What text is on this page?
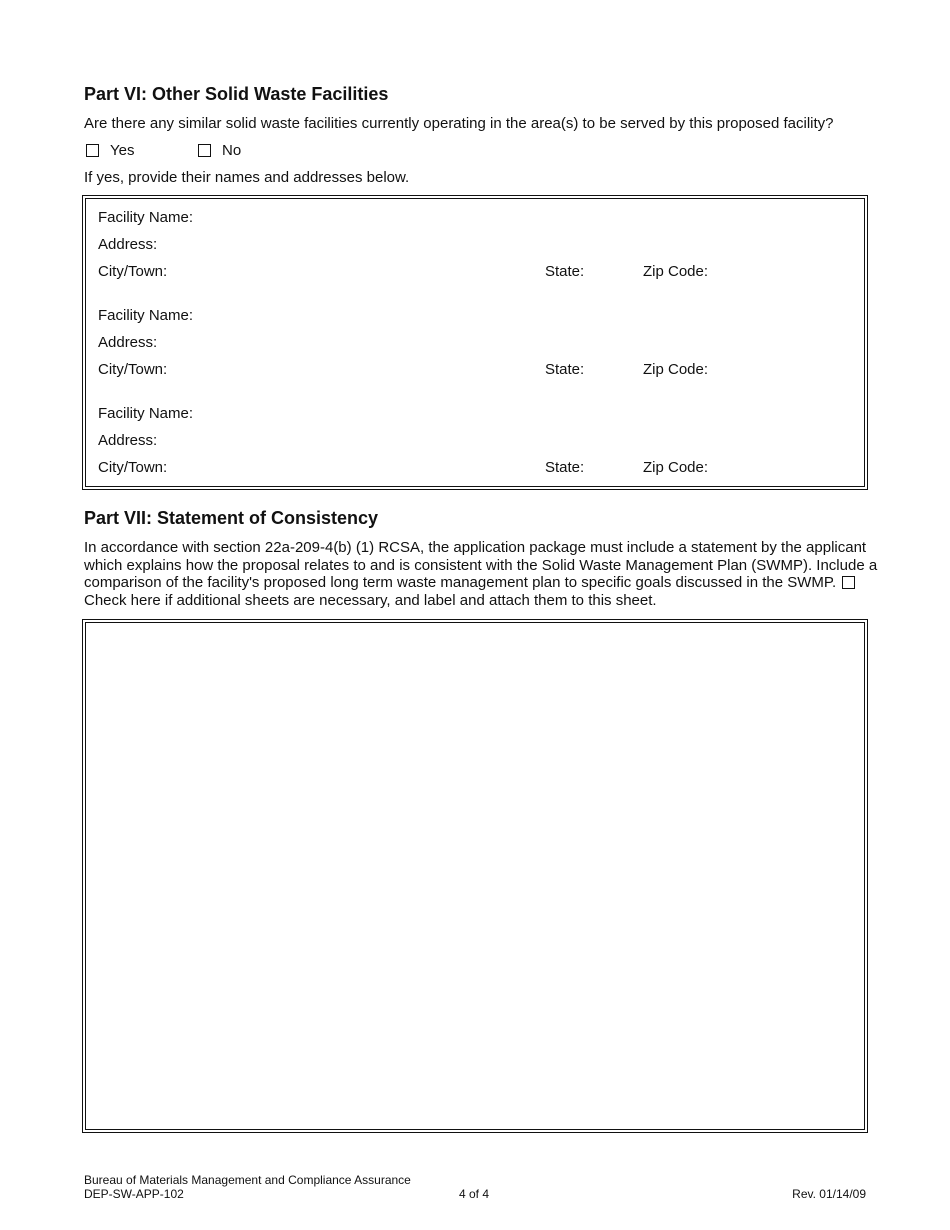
Part VI: Other Solid Waste Facilities
Are there any similar solid waste facilities currently operating in the area(s) to be served by this proposed facility?
Yes	No
If yes, provide their names and addresses below.
Facility Name:
Address:
City/Town:	State:	Zip Code:
Facility Name:
Address:
City/Town:	State:	Zip Code:
Facility Name:
Address:
City/Town:	State:	Zip Code:
Part VII: Statement of Consistency
In accordance with section 22a-209-4(b) (1) RCSA, the application package must include a statement by the applicant which explains how the proposal relates to and is consistent with the Solid Waste Management Plan (SWMP). Include a comparison of the facility's proposed long term waste management plan to specific goals discussed in the SWMP.  Check here if additional sheets are necessary, and label and attach them to this sheet.
Bureau of Materials Management and Compliance Assurance
DEP-SW-APP-102	4 of 4	Rev. 01/14/09
